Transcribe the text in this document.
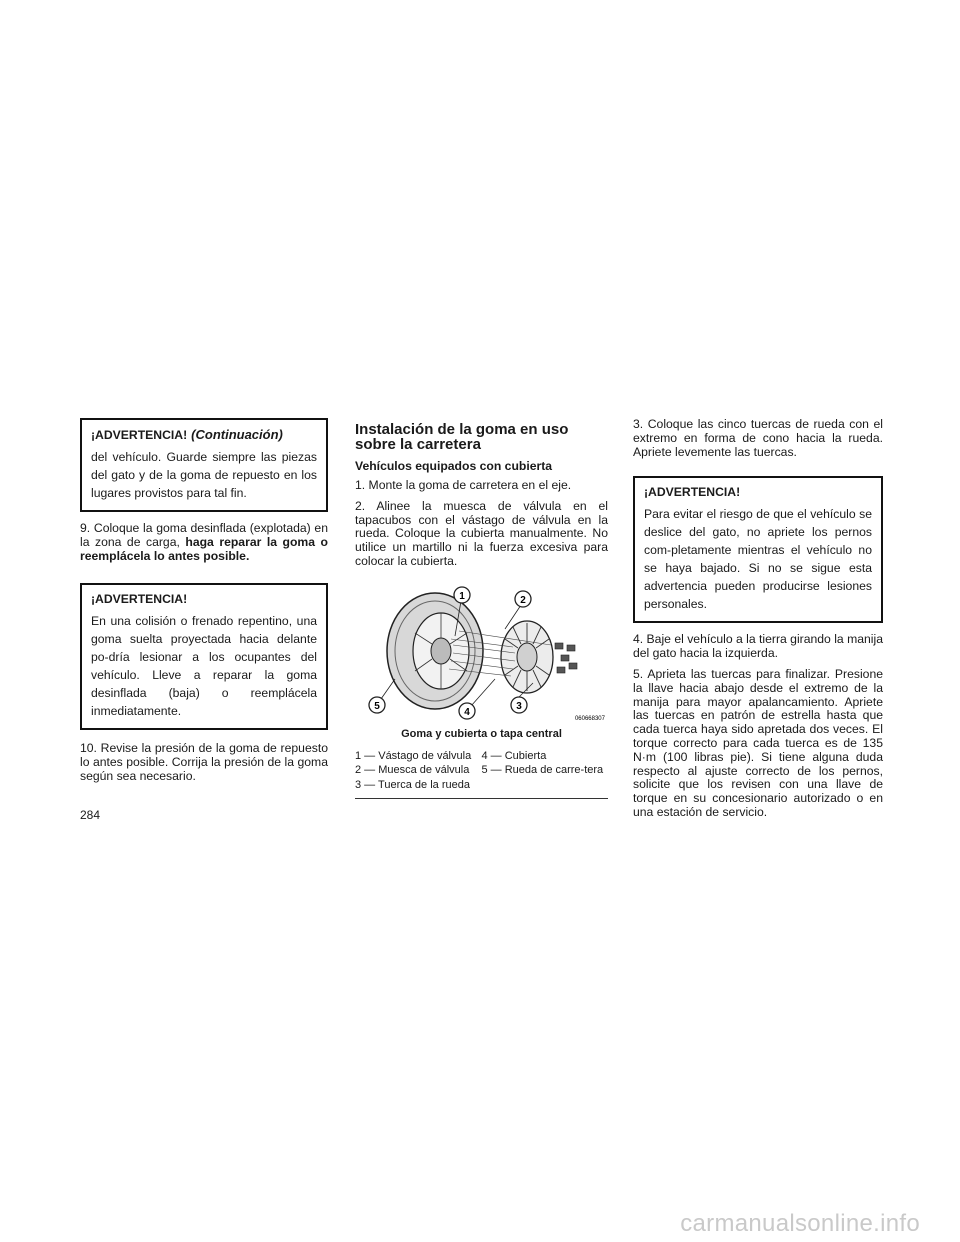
¡ADVERTENCIA! (Continuación)

del vehículo. Guarde siempre las piezas del gato y de la goma de repuesto en los lugares provistos para tal fin.

9. Coloque la goma desinflada (explotada) en la zona de carga, haga reparar la goma o reemplácela lo antes posible.

¡ADVERTENCIA!

En una colisión o frenado repentino, una goma suelta proyectada hacia delante po-dría lesionar a los ocupantes del vehículo. Lleve a reparar la goma desinflada (baja) o reemplácela inmediatamente.

10. Revise la presión de la goma de repuesto lo antes posible. Corrija la presión de la goma según sea necesario.

Instalación de la goma en uso sobre la carretera
Vehículos equipados con cubierta

1. Monte la goma de carretera en el eje.

2. Alinee la muesca de válvula en el tapacubos con el vástago de válvula en la rueda. Coloque la cubierta manualmente. No utilice un martillo ni la fuerza excesiva para colocar la cubierta.

1	2
3
4
5
060668307
Goma y cubierta o tapa central
1 — Vástago de válvula	4 — Cubierta
2 — Muesca de válvula	5 — Rueda de carre-tera
3 — Tuerca de la rueda	

3. Coloque las cinco tuercas de rueda con el extremo en forma de cono hacia la rueda. Apriete levemente las tuercas.

¡ADVERTENCIA!

Para evitar el riesgo de que el vehículo se deslice del gato, no apriete los pernos com-pletamente mientras el vehículo no se haya bajado. Si no se sigue esta advertencia pueden producirse lesiones personales.

4. Baje el vehículo a la tierra girando la manija del gato hacia la izquierda.

5. Aprieta las tuercas para finalizar. Presione la llave hacia abajo desde el extremo de la manija para mayor apalancamiento. Apriete las tuercas en patrón de estrella hasta que cada tuerca haya sido apretada dos veces. El torque correcto para cada tuerca es de 135 N·m (100 libras pie). Si tiene alguna duda respecto al ajuste correcto de los pernos, solicite que los revisen con una llave de torque en su concesionario autorizado o en una estación de servicio.

284
carmanualsonline.info
